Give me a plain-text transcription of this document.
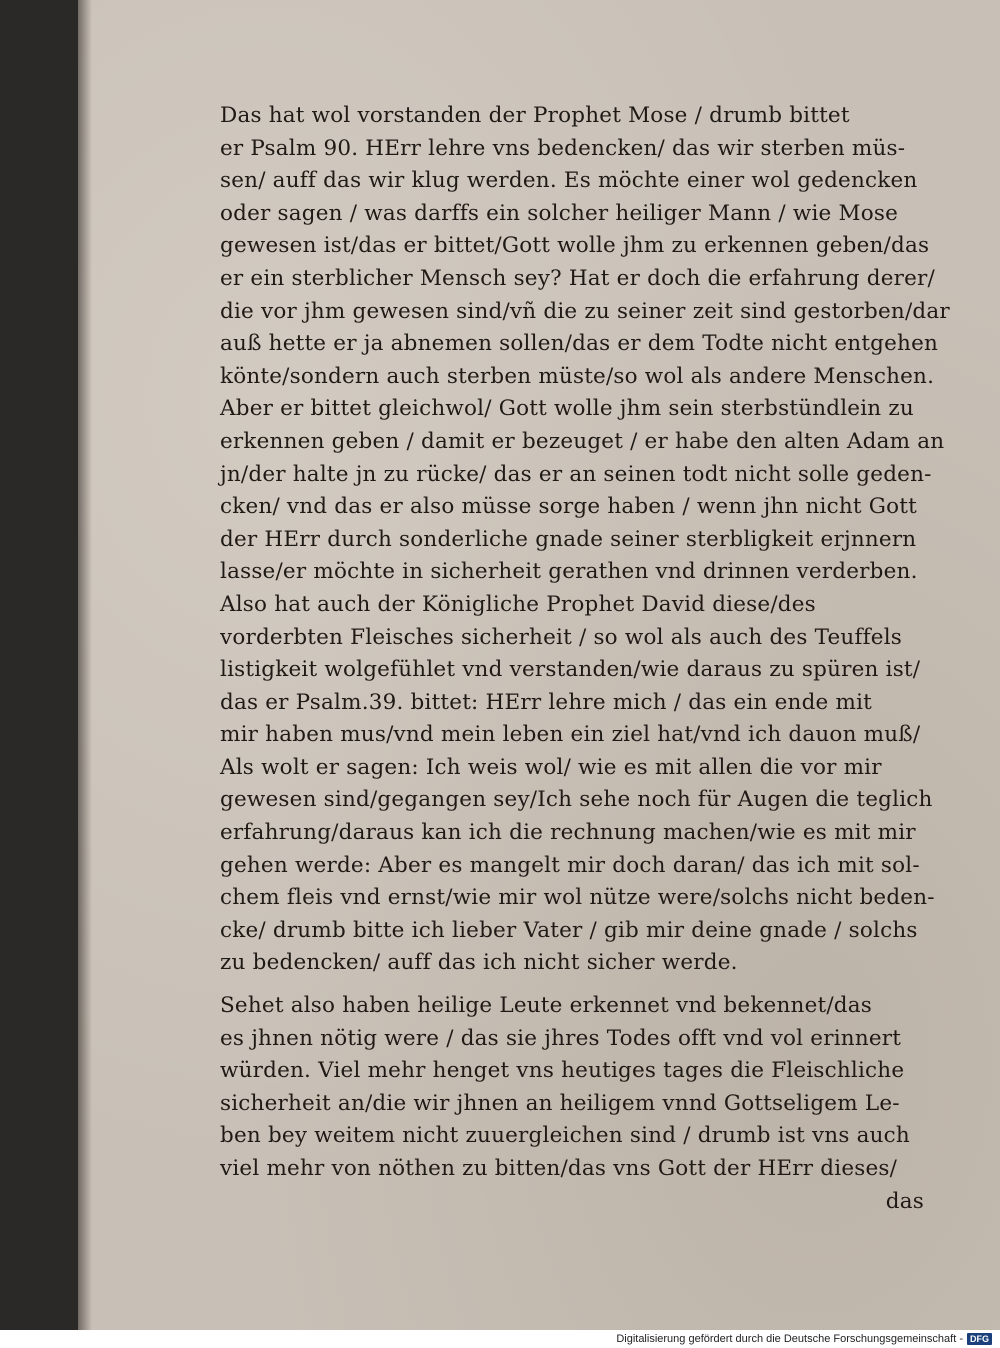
Das hat wol vorstanden der Prophet Mose / drumb bittet
er Psalm 90. HErr lehre vns bedencken/ das wir sterben müs-
sen/ auff das wir klug werden. Es möchte einer wol gedencken
oder sagen / was darffs ein solcher heiliger Mann / wie Mose
gewesen ist/das er bittet/Gott wolle jhm zu erkennen geben/das
er ein sterblicher Mensch sey? Hat er doch die erfahrung derer/
die vor jhm gewesen sind/vñ die zu seiner zeit sind gestorben/dar
auß hette er ja abnemen sollen/das er dem Todte nicht entgehen
könte/sondern auch sterben müste/so wol als andere Menschen.
Aber er bittet gleichwol/ Gott wolle jhm sein sterbstündlein zu
erkennen geben / damit er bezeuget / er habe den alten Adam an
jn/der halte jn zu rücke/ das er an seinen todt nicht solle geden-
cken/ vnd das er also müsse sorge haben / wenn jhn nicht Gott
der HErr durch sonderliche gnade seiner sterbligkeit erjnnern
lasse/er möchte in sicherheit gerathen vnd drinnen verderben.
Also hat auch der Königliche Prophet David diese/des
vorderbten Fleisches sicherheit / so wol als auch des Teuffels
listigkeit wolgefühlet vnd verstanden/wie daraus zu spüren ist/
das er Psalm.39. bittet: HErr lehre mich / das ein ende mit
mir haben mus/vnd mein leben ein ziel hat/vnd ich dauon muß/
Als wolt er sagen: Ich weis wol/ wie es mit allen die vor mir
gewesen sind/gegangen sey/Ich sehe noch für Augen die teglich
erfahrung/daraus kan ich die rechnung machen/wie es mit mir
gehen werde: Aber es mangelt mir doch daran/ das ich mit sol-
chem fleis vnd ernst/wie mir wol nütze were/solchs nicht beden-
cke/ drumb bitte ich lieber Vater / gib mir deine gnade / solchs
zu bedencken/ auff das ich nicht sicher werde.
Sehet also haben heilige Leute erkennet vnd bekennet/das
es jhnen nötig were / das sie jhres Todes offt vnd vol erinnert
würden. Viel mehr henget vns heutiges tages die Fleischliche
sicherheit an/die wir jhnen an heiligem vnnd Gottseligem Le-
ben bey weitem nicht zuuergleichen sind / drumb ist vns auch
viel mehr von nöthen zu bitten/das vns Gott der HErr dieses/
das
Digitalisierung gefördert durch die Deutsche Forschungsgemeinschaft - DFG
